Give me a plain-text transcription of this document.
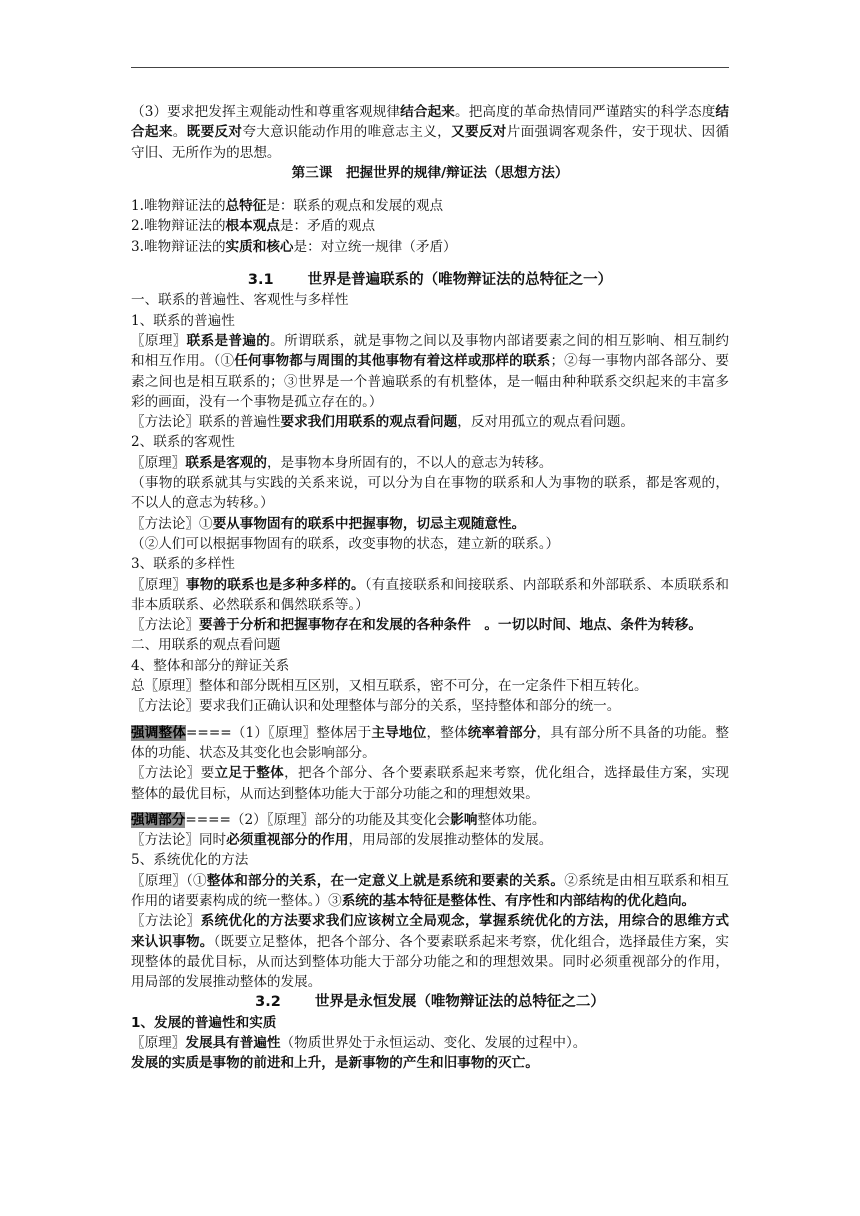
（3）要求把发挥主观能动性和尊重客观规律结合起来。把高度的革命热情同严谨踏实的科学态度结合起来。既要反对夸大意识能动作用的唯意志主义，又要反对片面强调客观条件，安于现状、因循守旧、无所作为的思想。

第三课　把握世界的规律/辩证法（思想方法）

1.唯物辩证法的总特征是：联系的观点和发展的观点

2.唯物辩证法的根本观点是：矛盾的观点

3.唯物辩证法的实质和核心是：对立统一规律（矛盾）

3.1　　 世界是普遍联系的（唯物辩证法的总特征之一）

一、联系的普遍性、客观性与多样性

1、联系的普遍性

〖原理〗联系是普遍的。所谓联系，就是事物之间以及事物内部诸要素之间的相互影响、相互制约和相互作用。（①任何事物都与周围的其他事物有着这样或那样的联系；②每一事物内部各部分、要素之间也是相互联系的；③世界是一个普遍联系的有机整体，是一幅由种种联系交织起来的丰富多彩的画面，没有一个事物是孤立存在的。）

〖方法论〗联系的普遍性要求我们用联系的观点看问题，反对用孤立的观点看问题。

2、联系的客观性

〖原理〗联系是客观的，是事物本身所固有的，不以人的意志为转移。

（事物的联系就其与实践的关系来说，可以分为自在事物的联系和人为事物的联系，都是客观的，不以人的意志为转移。）

〖方法论〗①要从事物固有的联系中把握事物，切忌主观随意性。

（②人们可以根据事物固有的联系，改变事物的状态，建立新的联系。）

3、联系的多样性

〖原理〗事物的联系也是多种多样的。（有直接联系和间接联系、内部联系和外部联系、本质联系和非本质联系、必然联系和偶然联系等。）

〖方法论〗要善于分析和把握事物存在和发展的各种条件　。一切以时间、地点、条件为转移。

二、用联系的观点看问题

4、整体和部分的辩证关系

总〖原理〗整体和部分既相互区别，又相互联系，密不可分，在一定条件下相互转化。

〖方法论〗要求我们正确认识和处理整体与部分的关系，坚持整体和部分的统一。

强调整体====（1）〖原理〗整体居于主导地位，整体统率着部分，具有部分所不具备的功能。整体的功能、状态及其变化也会影响部分。

〖方法论〗要立足于整体，把各个部分、各个要素联系起来考察，优化组合，选择最佳方案，实现整体的最优目标，从而达到整体功能大于部分功能之和的理想效果。

强调部分====（2）〖原理〗部分的功能及其变化会影响整体功能。

〖方法论〗同时必须重视部分的作用，用局部的发展推动整体的发展。

5、系统优化的方法

〖原理〗（①整体和部分的关系，在一定意义上就是系统和要素的关系。②系统是由相互联系和相互作用的诸要素构成的统一整体。）③系统的基本特征是整体性、有序性和内部结构的优化趋向。

〖方法论〗系统优化的方法要求我们应该树立全局观念，掌握系统优化的方法，用综合的思维方式来认识事物。（既要立足整体，把各个部分、各个要素联系起来考察，优化组合，选择最佳方案，实现整体的最优目标，从而达到整体功能大于部分功能之和的理想效果。同时必须重视部分的作用，用局部的发展推动整体的发展。

3.2　　 世界是永恒发展（唯物辩证法的总特征之二）

1、发展的普遍性和实质

〖原理〗发展具有普遍性（物质世界处于永恒运动、变化、发展的过程中）。

发展的实质是事物的前进和上升，是新事物的产生和旧事物的灭亡。
